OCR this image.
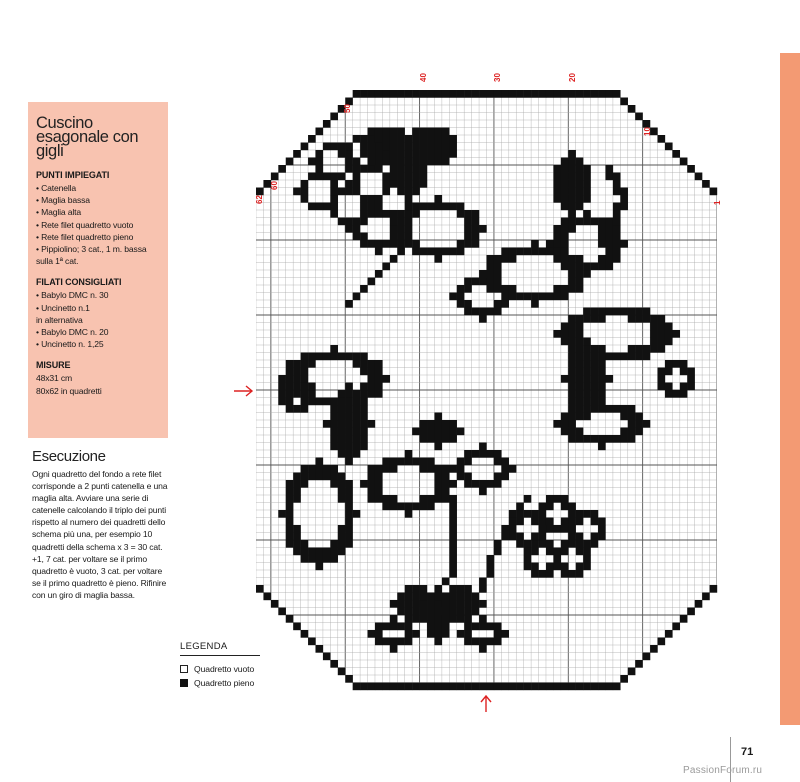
Cuscino esagonale con gigli
PUNTI IMPIEGATI
• Catenella
• Maglia bassa
• Maglia alta
• Rete filet quadretto vuoto
• Rete filet quadretto pieno
• Pippiolino; 3 cat., 1 m. bassa
sulla 1ª cat.
FILATI CONSIGLIATI
• Babylo DMC n. 30
• Uncinetto n.1
in alternativa
• Babylo DMC n. 20
• Uncinetto n. 1,25
MISURE
48x31 cm
80x62 in quadretti
Esecuzione

Ogni quadretto del fondo a rete filet corrisponde a 2 punti catenella e una maglia alta. Avviare una serie di catenelle calcolando il triplo dei punti rispetto al numero dei quadretti dello schema più una, per esempio 10 quadretti della schema x 3 = 30 cat. +1, 7 cat. per voltare se il primo quadretto è vuoto, 3 cat. per voltare se il primo quadretto è pieno. Rifinire con un giro di maglia bassa.

LEGENDA
Quadretto vuoto
Quadretto pieno
40	30	20
50
10
60
62	1
71
PassionForum.ru
